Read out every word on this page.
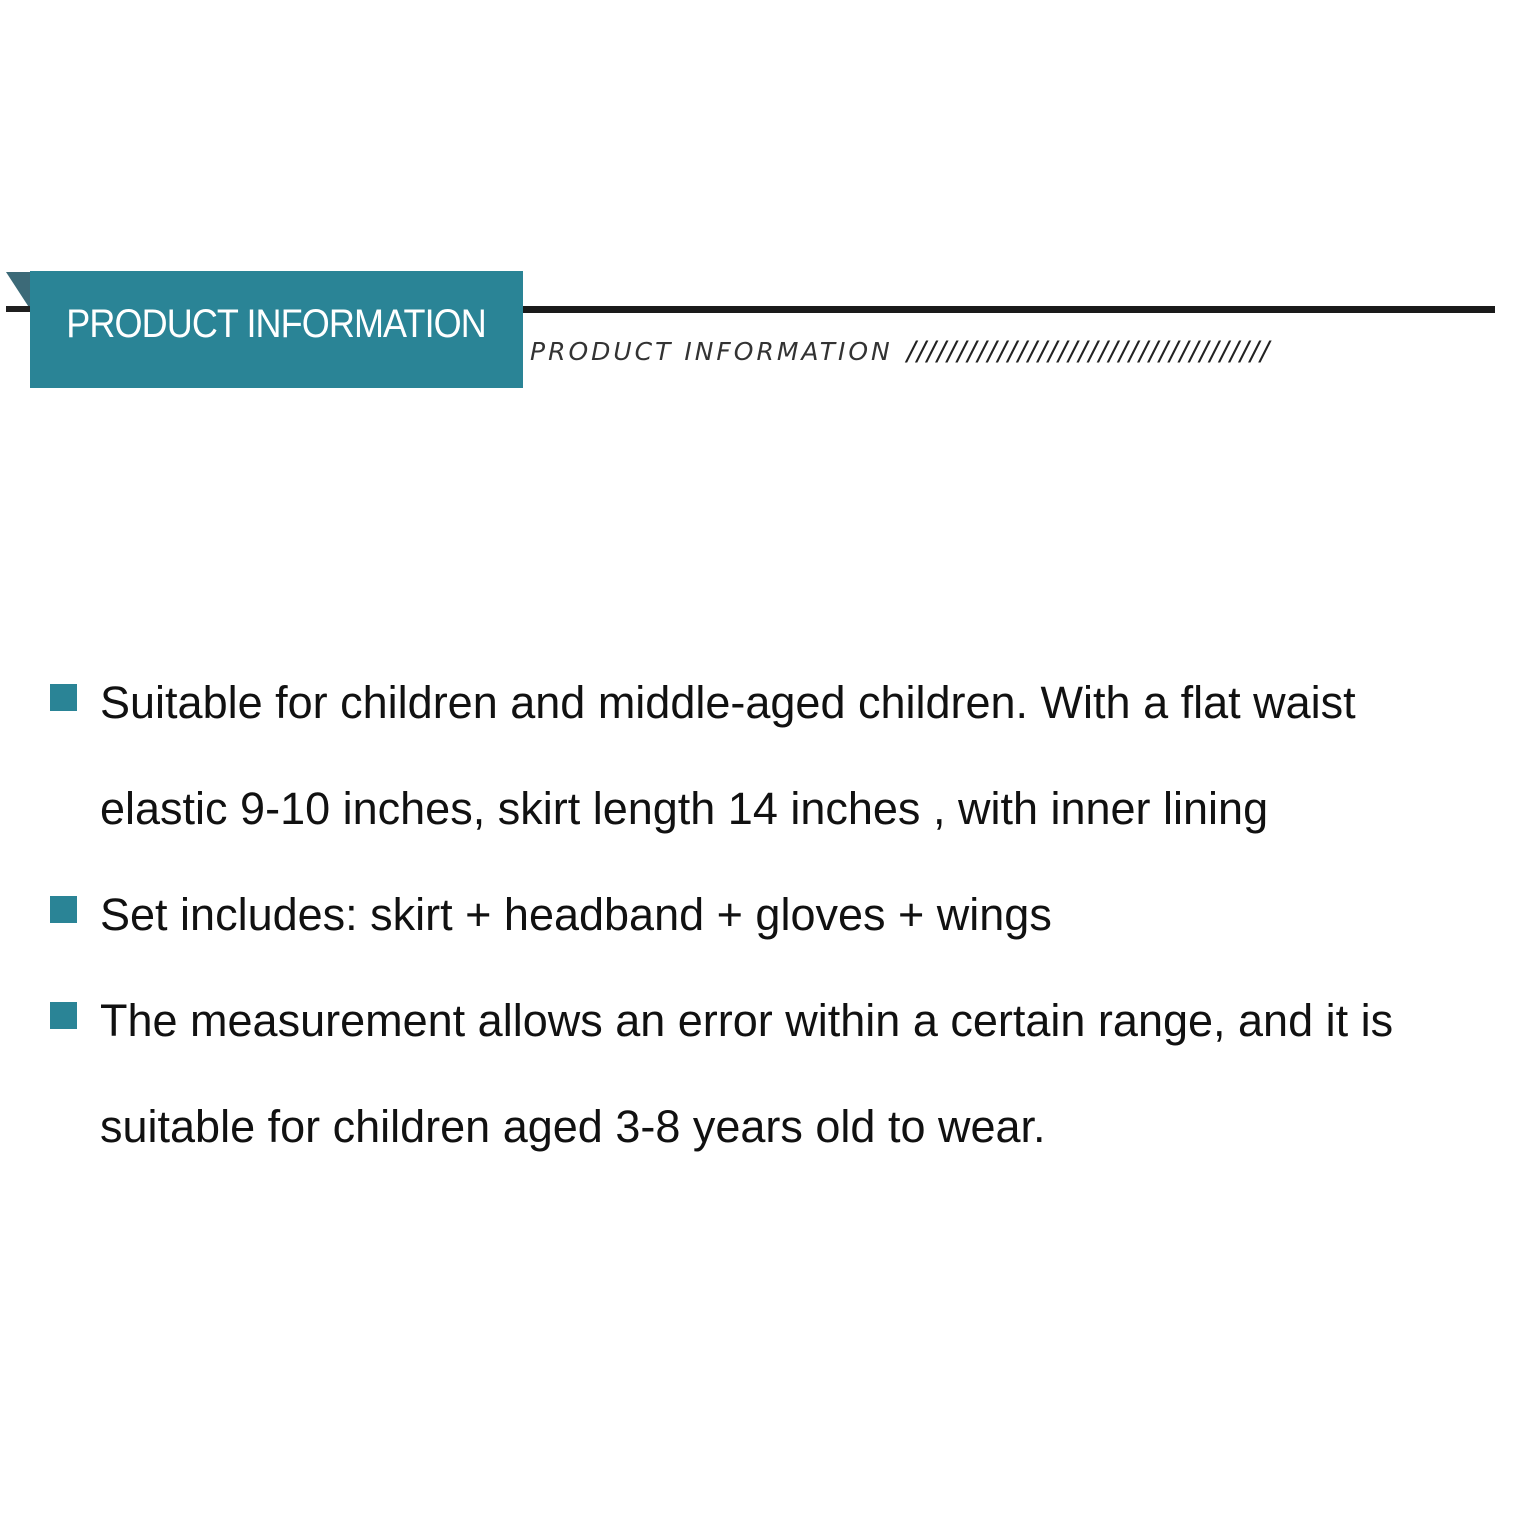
PRODUCT INFORMATION
PRODUCT INFORMATION ////////////////////////////////////
Suitable for children and middle-aged children. With a flat waist elastic 9-10 inches, skirt length 14 inches , with inner lining
Set includes: skirt + headband + gloves + wings
The measurement allows an error within a certain range, and it is suitable for children aged 3-8 years old to wear.
